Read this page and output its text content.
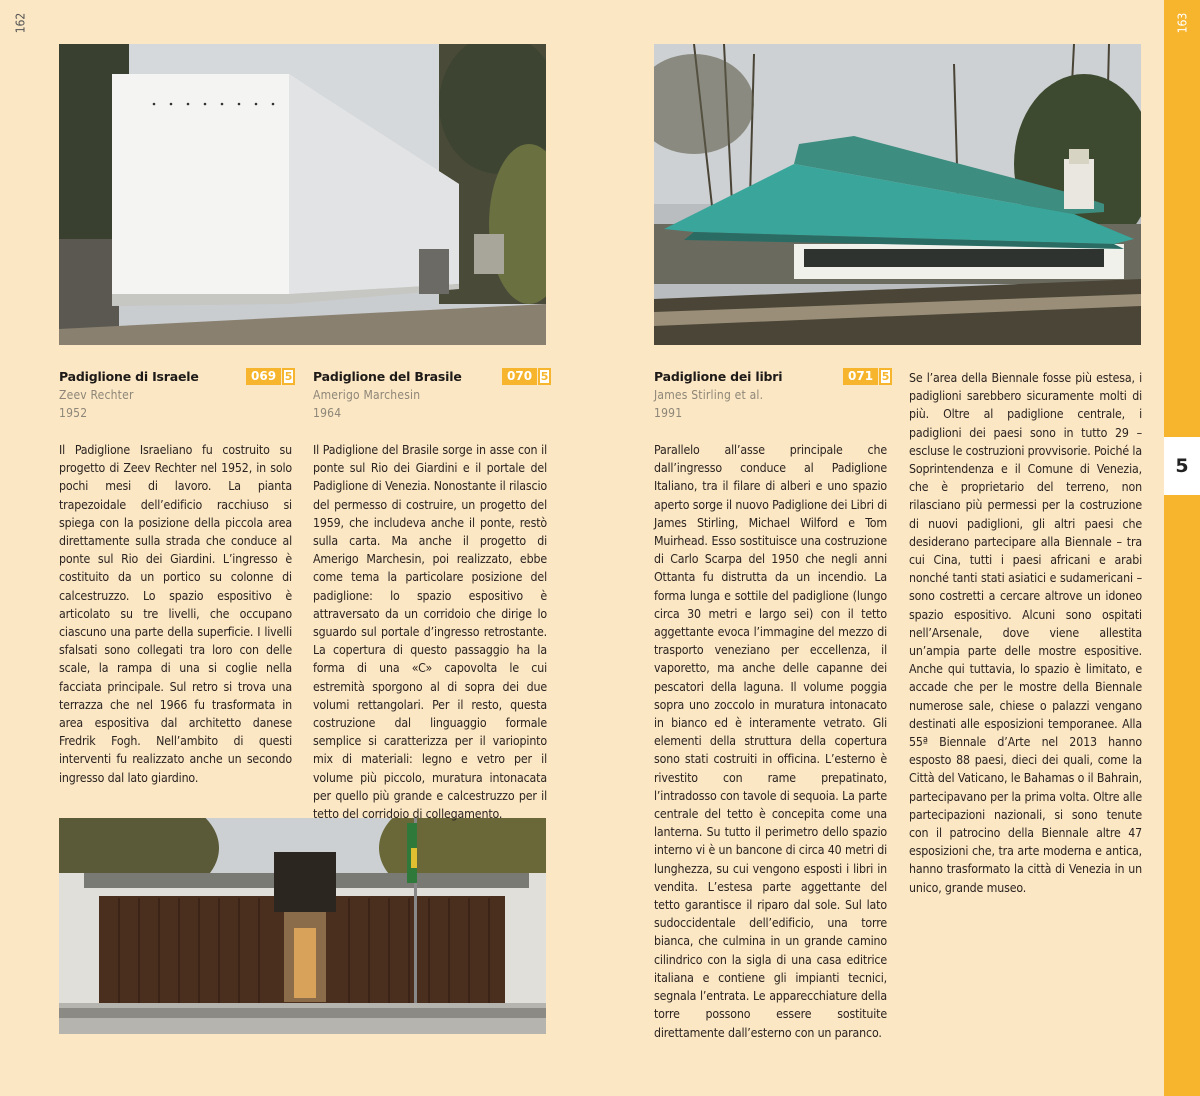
162	163
5
Padiglione di Israele	069 5
Zeev Rechter
1952
Il Padiglione Israeliano fu costruito su progetto di Zeev Rechter nel 1952, in solo pochi mesi di lavoro. La pianta trapezoidale dell’edificio racchiuso si spiega con la posizione della piccola area direttamente sulla strada che conduce al ponte sul Rio dei Giardini. L’ingresso è costituito da un portico su colonne di calcestruzzo. Lo spazio espositivo è articolato su tre livelli, che occupano ciascuno una parte della superficie. I livelli sfalsati sono collegati tra loro con delle scale, la rampa di una si coglie nella facciata principale. Sul retro si trova una terrazza che nel 1966 fu trasformata in area espositiva dal architetto danese Fredrik Fogh. Nell’ambito di questi interventi fu realizzato anche un secondo ingresso dal lato giardino.
Padiglione del Brasile	070 5
Amerigo Marchesin
1964
Il Padiglione del Brasile sorge in asse con il ponte sul Rio dei Giardini e il portale del Padiglione di Venezia. Nonostante il rilascio del permesso di costruire, un progetto del 1959, che includeva anche il ponte, restò sulla carta. Ma anche il progetto di Amerigo Marchesin, poi realizzato, ebbe come tema la particolare posizione del padiglione: lo spazio espositivo è attraversato da un corridoio che dirige lo sguardo sul portale d’ingresso retrostante. La copertura di questo passaggio ha la forma di una «C» capovolta le cui estremità sporgono al di sopra dei due volumi rettangolari. Per il resto, questa costruzione dal linguaggio formale semplice si caratterizza per il variopinto mix di materiali: legno e vetro per il volume più piccolo, muratura intonacata per quello più grande e calcestruzzo per il tetto del corridoio di collegamento.
Padiglione dei libri	071 5
James Stirling et al.
1991
Parallelo all’asse principale che dall’ingresso conduce al Padiglione Italiano, tra il filare di alberi e uno spazio aperto sorge il nuovo Padiglione dei Libri di James Stirling, Michael Wilford e Tom Muirhead. Esso sostituisce una costruzione di Carlo Scarpa del 1950 che negli anni Ottanta fu distrutta da un incendio. La forma lunga e sottile del padiglione (lungo circa 30 metri e largo sei) con il tetto aggettante evoca l’immagine del mezzo di trasporto veneziano per eccellenza, il vaporetto, ma anche delle capanne dei pescatori della laguna. Il volume poggia sopra uno zoccolo in muratura intonacato in bianco ed è interamente vetrato. Gli elementi della struttura della copertura sono stati costruiti in officina. L’esterno è rivestito con rame prepatinato, l’intradosso con tavole di sequoia. La parte centrale del tetto è concepita come una lanterna. Su tutto il perimetro dello spazio interno vi è un bancone di circa 40 metri di lunghezza, su cui vengono esposti i libri in vendita. L’estesa parte aggettante del tetto garantisce il riparo dal sole. Sul lato sudoccidentale dell’edificio, una torre bianca, che culmina in un grande camino cilindrico con la sigla di una casa editrice italiana e contiene gli impianti tecnici, segnala l’entrata. Le apparecchiature della torre possono essere sostituite direttamente dall’esterno con un paranco.
Se l’area della Biennale fosse più estesa, i padiglioni sarebbero sicuramente molti di più. Oltre al padiglione centrale, i padiglioni dei paesi sono in tutto 29 – escluse le costruzioni provvisorie. Poiché la Soprintendenza e il Comune di Venezia, che è proprietario del terreno, non rilasciano più permessi per la costruzione di nuovi padiglioni, gli altri paesi che desiderano partecipare alla Biennale – tra cui Cina, tutti i paesi africani e arabi nonché tanti stati asiatici e sudamericani – sono costretti a cercare altrove un idoneo spazio espositivo. Alcuni sono ospitati nell’Arsenale, dove viene allestita un’ampia parte delle mostre espositive. Anche qui tuttavia, lo spazio è limitato, e accade che per le mostre della Biennale numerose sale, chiese o palazzi vengano destinati alle esposizioni temporanee. Alla 55ª Biennale d’Arte nel 2013 hanno esposto 88 paesi, dieci dei quali, come la Città del Vaticano, le Bahamas o il Bahrain, partecipavano per la prima volta. Oltre alle partecipazioni nazionali, si sono tenute con il patrocino della Biennale altre 47 esposizioni che, tra arte moderna e antica, hanno trasformato la città di Venezia in un unico, grande museo.
